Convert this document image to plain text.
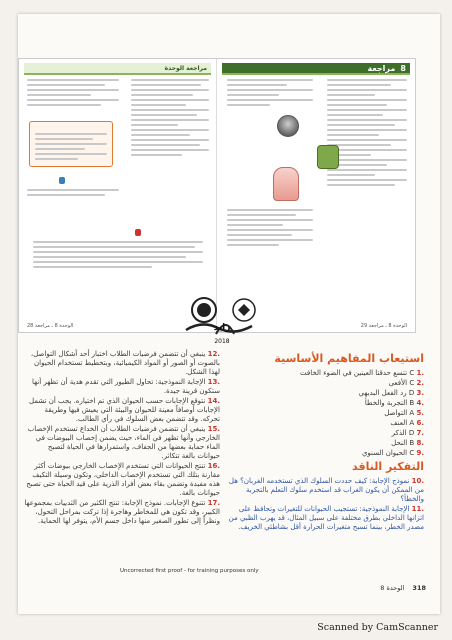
مراجعة الوحدة
28 الوحدة 8 ـ مراجعة
مراجعة
8
الوحدة 8 ـ مراجعة 29
زايد
2018
استيعاب المفاهيم الأساسية
.1 C تتسع حدقتا العينين في الضوء الخافت
.2 C الأفعى
.3 D رد الفعل البديهي
.4 B التجربة والخطأ
.5 A التواصل
.6 A العنف
.7 D الذكر
.8 B النحل
.9 C الحيوان السنوي
التفكير الناقد
.10 نموذج الإجابة: كيف حددت السلوك الذي تستخدمه الغربان؟ هل من الممكن أن يكون الغراب قد استخدم سلوك التعلم بالتجربة والخطأ؟
.11 الإجابة النموذجية: تستجيب الحيوانات للتغيرات وتحافظ على اتزانها الداخلي بطرق مختلفة على سبيل المثال، قد يهرب الظبي من مصدر الخطر، بينما تسبح متغيرات الحرارة أقل بشاطئي الخريف.
.12 ينبغي أن تتضمن فرضيات الطلاب اختبار أحد أشكال التواصل، بالصوت أو الصور أو المواد الكيميائية، وبتخطيط تستخدام الحيوان لهذا الشكل.
.13 الإجابة النموذجية: تحاول الطيور التي تقدم هدية أن تظهر أنها ستكون قرينة جيدة.
.14 نتوقع الإجابات حسب الحيوان الذي تم اختياره. يجب أن تشمل الإجابات أوصافاً معينة للحيوان والبيئة التي يعيش فيها وطريقة تحركه. وقد تتضمن بعض السلوك في رأي الطالب.
.15 ينبغي أن تتضمن فرضيات الطلاب أن الخداع تستخدم الإخصاب الخارجي وأنها تظهر في الماء، حيث يضمن إخصاب البيوضات في الماء حماية بعضها من الجفاف، واستمرارها في الحياة لتصبح حيوانات بالغة تتكاثر.
.16 تنتج الحيوانات التي تستخدم الإخصاب الخارجي بيوضات أكثر مقارنة بتلك التي تستخدم الإخصاب الداخلي، وتكون وسيلة التكيف هذه مفيدة وتضمن بقاء بعض أفراد الذرية على قيد الحياة حتى تصبح حيوانات بالغة.
.17 تتنوع الإجابات. نموذج الإجابة: تنتج الكثير من الثدييات بمجموعها الكبير، وقد تكون هي للمخاطر وهاجرة إذا تركت بمراحل التحول، ونظراً إلى تطور الصغير منها داخل جسم الأم، يتوفر لها الحماية.
Uncorrected first proof - for training purposes only
الوحدة 8 318
Scanned by CamScanner
